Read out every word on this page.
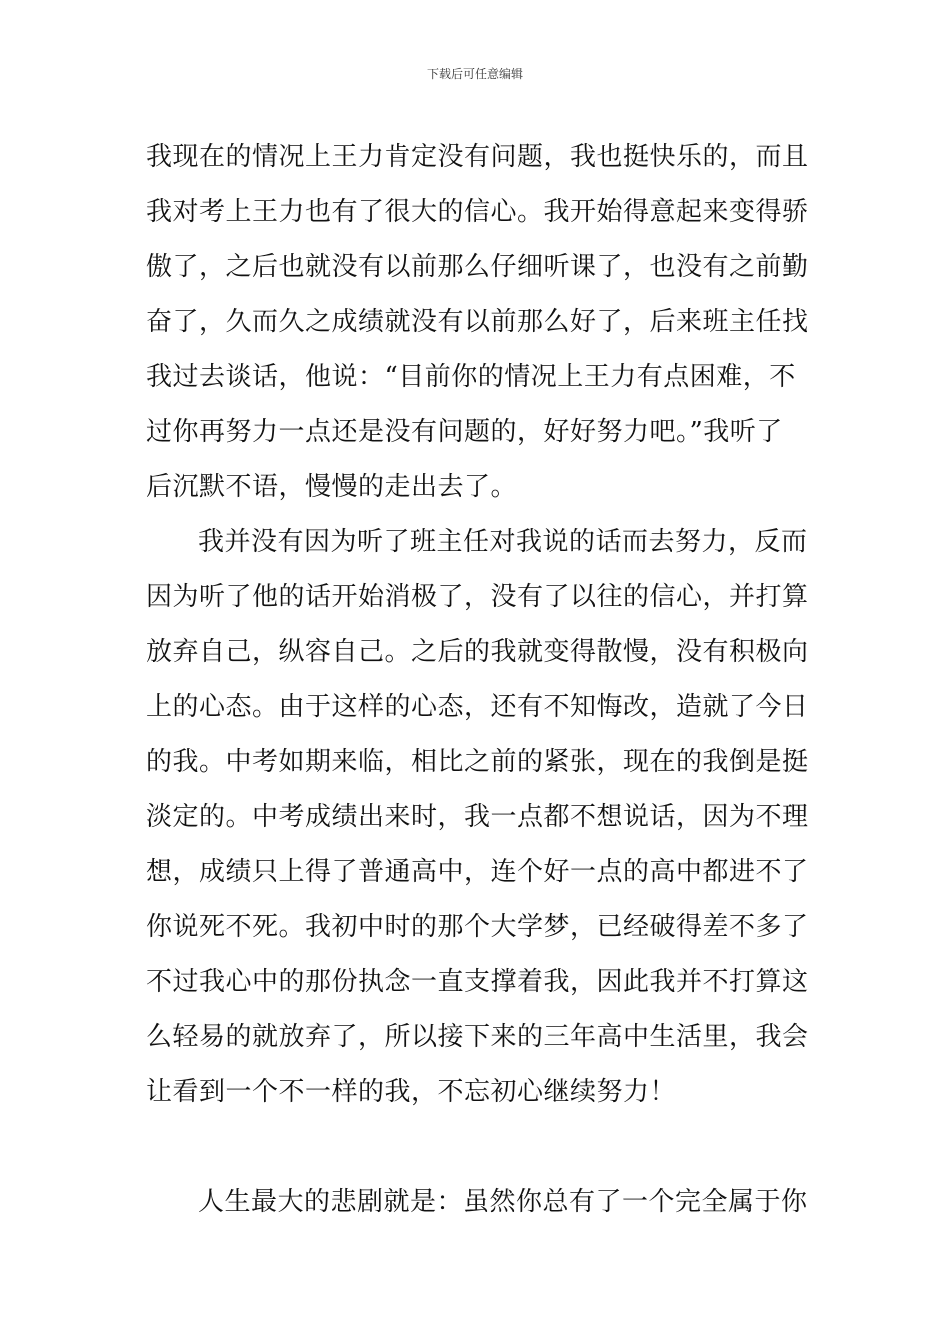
下载后可任意编辑
我现在的情况上王力肯定没有问题，我也挺快乐的，而且
我对考上王力也有了很大的信心。我开始得意起来变得骄
傲了，之后也就没有以前那么仔细听课了，也没有之前勤
奋了，久而久之成绩就没有以前那么好了，后来班主任找
我过去谈话，他说：“目前你的情况上王力有点困难，不
过你再努力一点还是没有问题的，好好努力吧。”我听了
后沉默不语，慢慢的走出去了。
我并没有因为听了班主任对我说的话而去努力，反而
因为听了他的话开始消极了，没有了以往的信心，并打算
放弃自己，纵容自己。之后的我就变得散慢，没有积极向
上的心态。由于这样的心态，还有不知悔改，造就了今日
的我。中考如期来临，相比之前的紧张，现在的我倒是挺
淡定的。中考成绩出来时，我一点都不想说话，因为不理
想，成绩只上得了普通高中，连个好一点的高中都进不了
你说死不死。我初中时的那个大学梦，已经破得差不多了
不过我心中的那份执念一直支撑着我，因此我并不打算这
么轻易的就放弃了，所以接下来的三年高中生活里，我会
让看到一个不一样的我，不忘初心继续努力！
人生最大的悲剧就是：虽然你总有了一个完全属于你
